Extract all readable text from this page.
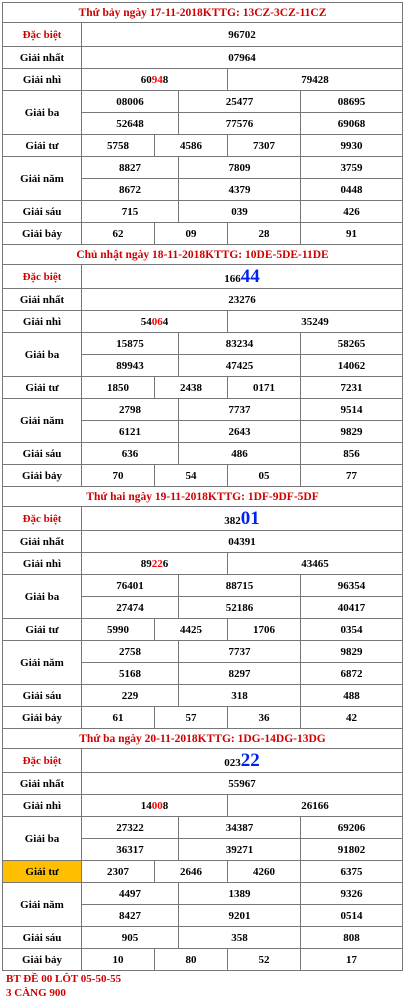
Thứ bảy ngày 17-11-2018KTTG: 13CZ-3CZ-11CZ					
Đặc biệt	96702				
Giải nhất	07964				
Giải nhì	60948			79428	
Giải ba	08006		25477		08695
	52648		77576		69068
Giải tư	5758	4586		7307	9930
Giải năm	8827		7809		3759
	8672		4379		0448
Giải sáu	715		039		426
Giải bảy	62	09		28	91
Chủ nhật ngày 18-11-2018KTTG: 10DE-5DE-11DE					
Đặc biệt	16644				
Giải nhất	23276				
Giải nhì	54064			35249	
Giải ba	15875		83234		58265
	89943		47425		14062
Giải tư	1850	2438		0171	7231
Giải năm	2798		7737		9514
	6121		2643		9829
Giải sáu	636		486		856
Giải bảy	70	54		05	77
Thứ hai ngày 19-11-2018KTTG: 1DF-9DF-5DF					
Đặc biệt	38201				
Giải nhất	04391				
Giải nhì	89226			43465	
Giải ba	76401		88715		96354
	27474		52186		40417
Giải tư	5990	4425		1706	0354
Giải năm	2758		7737		9829
	5168		8297		6872
Giải sáu	229		318		488
Giải bảy	61	57		36	42
Thứ ba ngày 20-11-2018KTTG: 1DG-14DG-13DG					
Đặc biệt	02322				
Giải nhất	55967				
Giải nhì	14008			26166	
Giải ba	27322		34387		69206
	36317		39271		91802
Giải tư	2307	2646		4260	6375
Giải năm	4497		1389		9326
	8427		9201		0514
Giải sáu	905		358		808
Giải bảy	10	80		52	17
BT ĐỀ 00 LÔT 05-50-55
3 CÀNG 900
